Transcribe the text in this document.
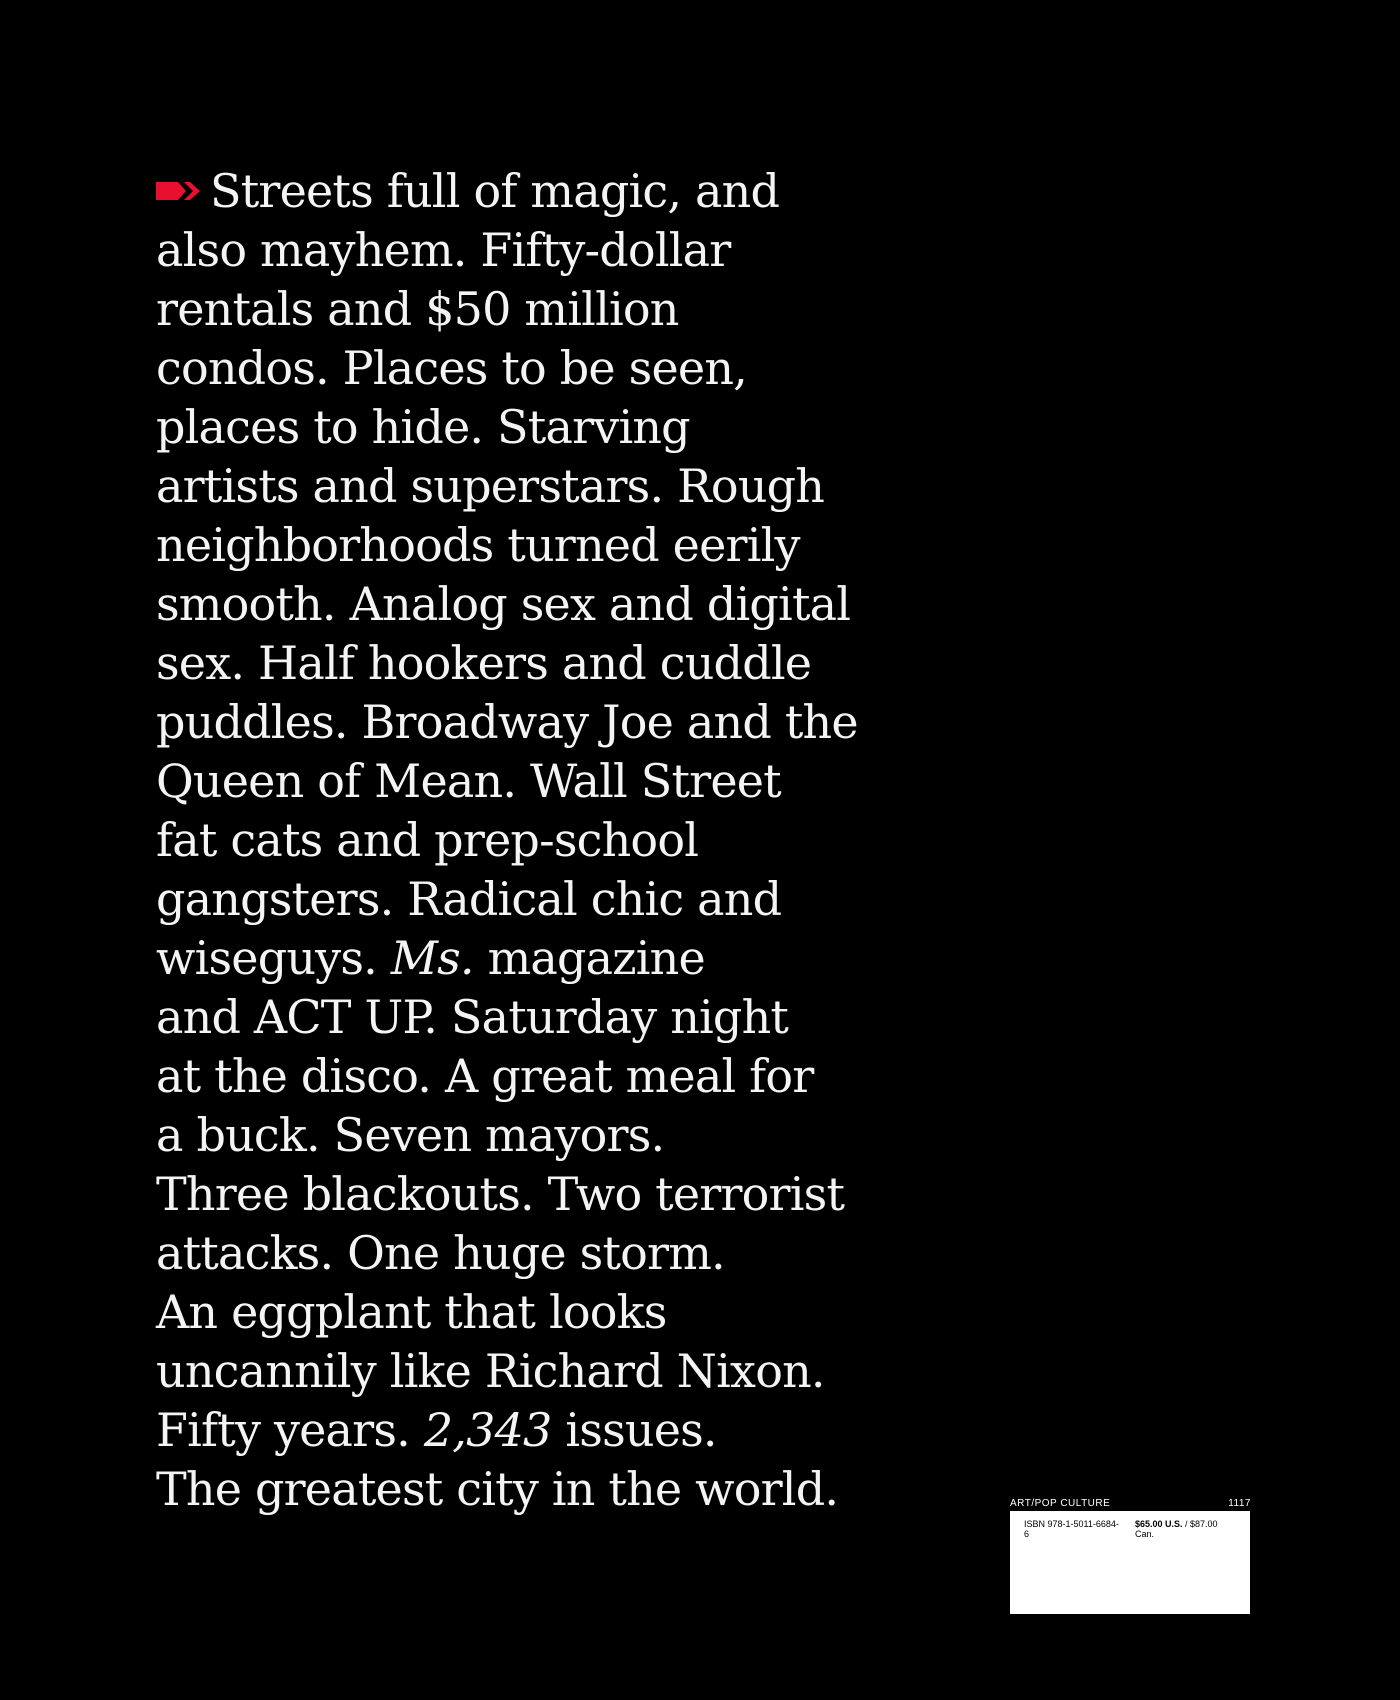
Streets full of magic, and
also mayhem. Fifty-dollar
rentals and $50 million
condos. Places to be seen,
places to hide. Starving
artists and superstars. Rough
neighborhoods turned eerily
smooth. Analog sex and digital
sex. Half hookers and cuddle
puddles. Broadway Joe and the
Queen of Mean. Wall Street
fat cats and prep-school
gangsters. Radical chic and
wiseguys. Ms. magazine
and ACT UP. Saturday night
at the disco. A great meal for
a buck. Seven mayors.
Three blackouts. Two terrorist
attacks. One huge storm.
An eggplant that looks
uncannily like Richard Nixon.
Fifty years. 2,343 issues.
The greatest city in the world.	ART/POP CULTURE	1117
ISBN 978-1-5011-6684-6
$65.00 U.S. / $87.00 Can.
